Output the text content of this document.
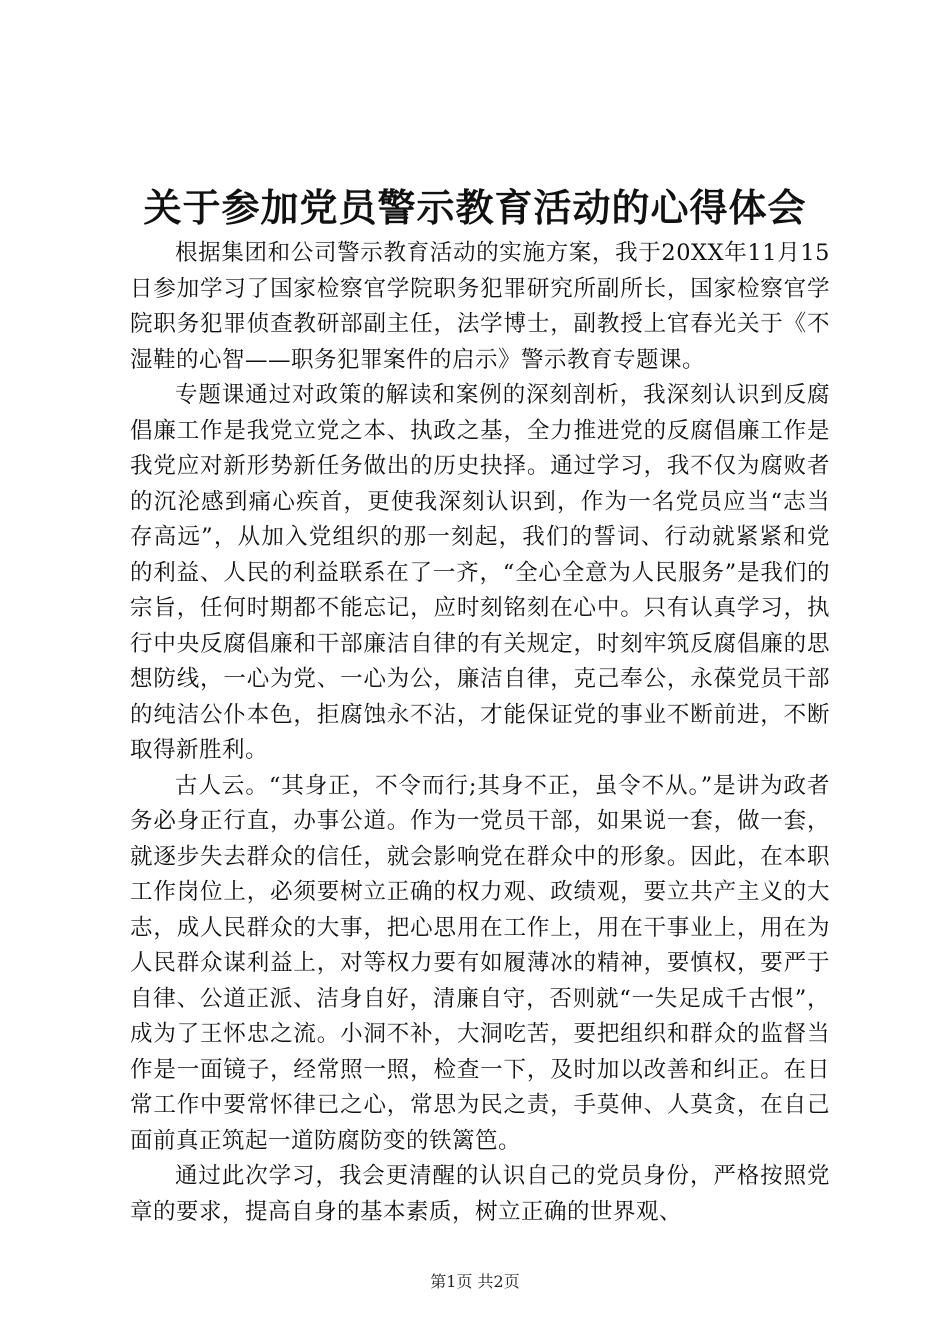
关于参加党员警示教育活动的心得体会

根据集团和公司警示教育活动的实施方案，我于20XX年11月15日参加学习了国家检察官学院职务犯罪研究所副所长，国家检察官学院职务犯罪侦查教研部副主任，法学博士，副教授上官春光关于《不湿鞋的心智——职务犯罪案件的启示》警示教育专题课。

专题课通过对政策的解读和案例的深刻剖析，我深刻认识到反腐倡廉工作是我党立党之本、执政之基，全力推进党的反腐倡廉工作是我党应对新形势新任务做出的历史抉择。通过学习，我不仅为腐败者的沉沦感到痛心疾首，更使我深刻认识到，作为一名党员应当“志当存高远”，从加入党组织的那一刻起，我们的誓词、行动就紧紧和党的利益、人民的利益联系在了一齐，“全心全意为人民服务”是我们的宗旨，任何时期都不能忘记，应时刻铭刻在心中。只有认真学习，执行中央反腐倡廉和干部廉洁自律的有关规定，时刻牢筑反腐倡廉的思想防线，一心为党、一心为公，廉洁自律，克己奉公，永葆党员干部的纯洁公仆本色，拒腐蚀永不沾，才能保证党的事业不断前进，不断取得新胜利。

古人云。“其身正，不令而行;其身不正，虽令不从。”是讲为政者务必身正行直，办事公道。作为一党员干部，如果说一套，做一套，就逐步失去群众的信任，就会影响党在群众中的形象。因此，在本职工作岗位上，必须要树立正确的权力观、政绩观，要立共产主义的大志，成人民群众的大事，把心思用在工作上，用在干事业上，用在为人民群众谋利益上，对等权力要有如履薄冰的精神，要慎权，要严于自律、公道正派、洁身自好，清廉自守，否则就“一失足成千古恨”，成为了王怀忠之流。小洞不补，大洞吃苦，要把组织和群众的监督当作是一面镜子，经常照一照，检查一下，及时加以改善和纠正。在日常工作中要常怀律已之心，常思为民之责，手莫伸、人莫贪，在自己面前真正筑起一道防腐防变的铁篱笆。

通过此次学习，我会更清醒的认识自己的党员身份，严格按照党章的要求，提高自身的基本素质，树立正确的世界观、

第1页 共2页
